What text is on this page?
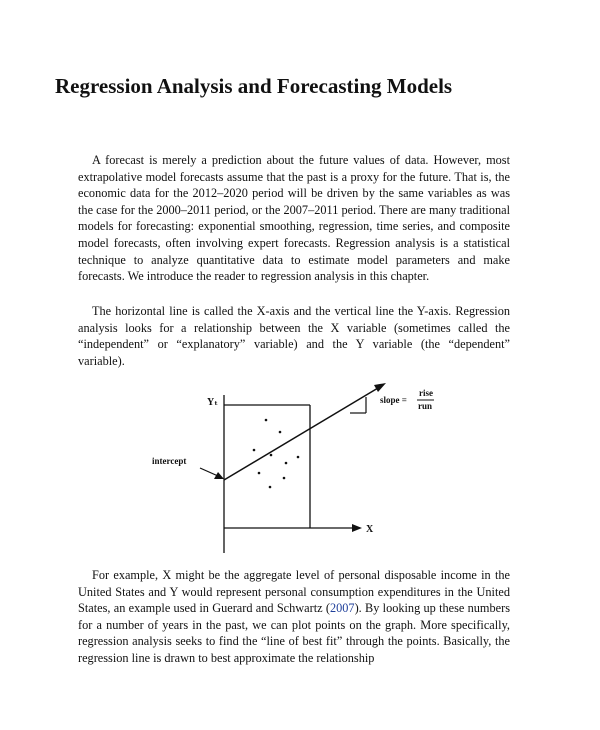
Regression Analysis and Forecasting Models

A forecast is merely a prediction about the future values of data. However, most extrapolative model forecasts assume that the past is a proxy for the future. That is, the economic data for the 2012–2020 period will be driven by the same variables as was the case for the 2000–2011 period, or the 2007–2011 period. There are many traditional models for forecasting: exponential smoothing, regression, time series, and composite model forecasts, often involving expert forecasts. Regression analysis is a statistical technique to analyze quantitative data to estimate model parameters and make forecasts. We introduce the reader to regression analysis in this chapter.

The horizontal line is called the X-axis and the vertical line the Y-axis. Regression analysis looks for a relationship between the X variable (sometimes called the “independent” or “explanatory” variable) and the Y variable (the “dependent” variable).

Yₜ
X
intercept
slope =
rise
run

For example, X might be the aggregate level of personal disposable income in the United States and Y would represent personal consumption expenditures in the United States, an example used in Guerard and Schwartz (2007). By looking up these numbers for a number of years in the past, we can plot points on the graph. More specifically, regression analysis seeks to find the “line of best fit” through the points. Basically, the regression line is drawn to best approximate the relationship
